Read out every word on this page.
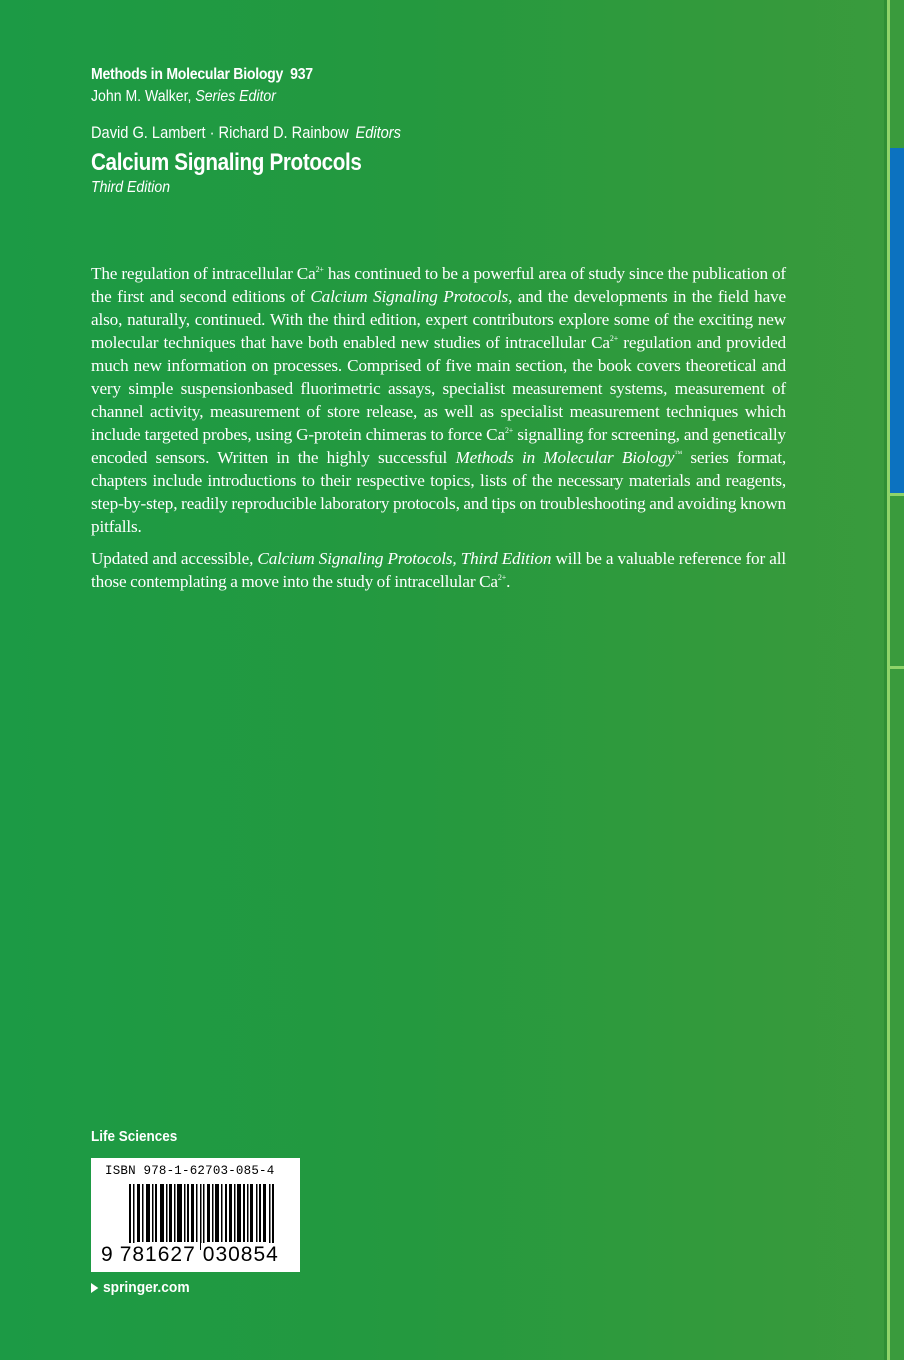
Methods in Molecular Biology 937
John M. Walker, Series Editor
David G. Lambert · Richard D. Rainbow Editors
Calcium Signaling Protocols
Third Edition

The regulation of intracellular $Ca^{2+}$ has continued to be a powerful area of study since the publication of the first and second editions of Calcium Signaling Protocols, and the developments in the field have also, naturally, continued. With the third edition, expert contributors explore some of the exciting new molecular techniques that have both enabled new studies of intracellular $Ca^{2+}$ regulation and provided much new information on processes. Comprised of five main section, the book covers theoretical and very simple suspensionbased fluorimetric assays, specialist measurement systems, measurement of channel activity, measurement of store release, as well as specialist measurement techniques which include targeted probes, using G-protein chimeras to force $Ca^{2+}$ signalling for screening, and genetically encoded sensors. Written in the highly successful Methods in Molecular Biology™ series format, chapters include introductions to their respective topics, lists of the necessary materials and reagents, step-by-step, readily reproducible laboratory protocols, and tips on troubleshooting and avoiding known pitfalls.

Updated and accessible, Calcium Signaling Protocols, Third Edition will be a valuable reference for all those contemplating a move into the study of intracellular $Ca^{2+}$.

Life Sciences
ISBN 978-1-62703-085-4
9 781627 030854
springer.com
